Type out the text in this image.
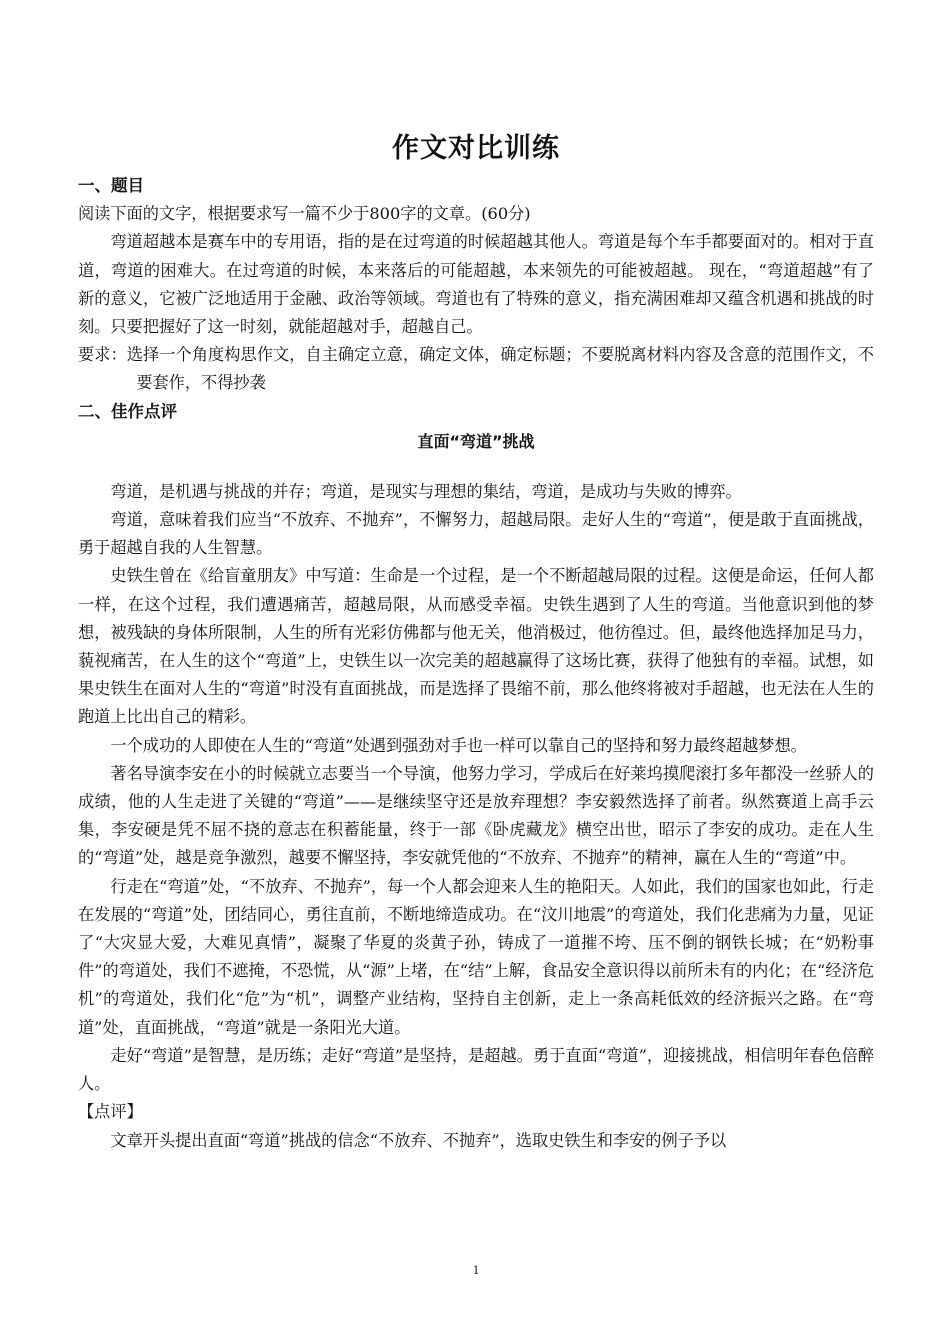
作文对比训练

一、题目

阅读下面的文字，根据要求写一篇不少于800字的文章。(60分)

弯道超越本是赛车中的专用语，指的是在过弯道的时候超越其他人。弯道是每个车手都要面对的。相对于直道，弯道的困难大。在过弯道的时候，本来落后的可能超越，本来领先的可能被超越。 现在，“弯道超越”有了新的意义，它被广泛地适用于金融、政治等领域。弯道也有了特殊的意义，指充满困难却又蕴含机遇和挑战的时刻。只要把握好了这一时刻，就能超越对手，超越自己。

要求：选择一个角度构思作文，自主确定立意，确定文体，确定标题；不要脱离材料内容及含意的范围作文，不要套作，不得抄袭

二、佳作点评

直面“弯道”挑战

弯道，是机遇与挑战的并存；弯道，是现实与理想的集结，弯道，是成功与失败的博弈。

弯道，意味着我们应当“不放弃、不抛弃”，不懈努力，超越局限。走好人生的“弯道”，便是敢于直面挑战，勇于超越自我的人生智慧。

史铁生曾在《给盲童朋友》中写道：生命是一个过程，是一个不断超越局限的过程。这便是命运，任何人都一样，在这个过程，我们遭遇痛苦，超越局限，从而感受幸福。史铁生遇到了人生的弯道。当他意识到他的梦想，被残缺的身体所限制，人生的所有光彩仿佛都与他无关，他消极过，他彷徨过。但，最终他选择加足马力，藐视痛苦，在人生的这个“弯道”上，史铁生以一次完美的超越赢得了这场比赛，获得了他独有的幸福。试想，如果史铁生在面对人生的“弯道”时没有直面挑战，而是选择了畏缩不前，那么他终将被对手超越，也无法在人生的跑道上比出自己的精彩。

一个成功的人即使在人生的“弯道”处遇到强劲对手也一样可以靠自己的坚持和努力最终超越梦想。

著名导演李安在小的时候就立志要当一个导演，他努力学习，学成后在好莱坞摸爬滚打多年都没一丝骄人的成绩，他的人生走进了关键的“弯道”——是继续坚守还是放弃理想？李安毅然选择了前者。纵然赛道上高手云集，李安硬是凭不屈不挠的意志在积蓄能量，终于一部《卧虎藏龙》横空出世，昭示了李安的成功。走在人生的“弯道”处，越是竞争激烈，越要不懈坚持，李安就凭他的“不放弃、不抛弃”的精神，赢在人生的“弯道”中。

行走在“弯道”处，“不放弃、不抛弃”，每一个人都会迎来人生的艳阳天。人如此，我们的国家也如此，行走在发展的“弯道”处，团结同心，勇往直前，不断地缔造成功。在“汶川地震”的弯道处，我们化悲痛为力量，见证了“大灾显大爱，大难见真情”，凝聚了华夏的炎黄子孙，铸成了一道摧不垮、压不倒的钢铁长城；在“奶粉事件”的弯道处，我们不遮掩，不恐慌，从“源”上堵，在“结”上解，食品安全意识得以前所未有的内化；在“经济危机”的弯道处，我们化“危”为“机”，调整产业结构，坚持自主创新，走上一条高耗低效的经济振兴之路。在“弯道”处，直面挑战，“弯道”就是一条阳光大道。

走好“弯道”是智慧，是历练；走好“弯道”是坚持，是超越。勇于直面“弯道”，迎接挑战，相信明年春色倍醉人。

【点评】

文章开头提出直面“弯道”挑战的信念“不放弃、不抛弃”，选取史铁生和李安的例子予以

1
